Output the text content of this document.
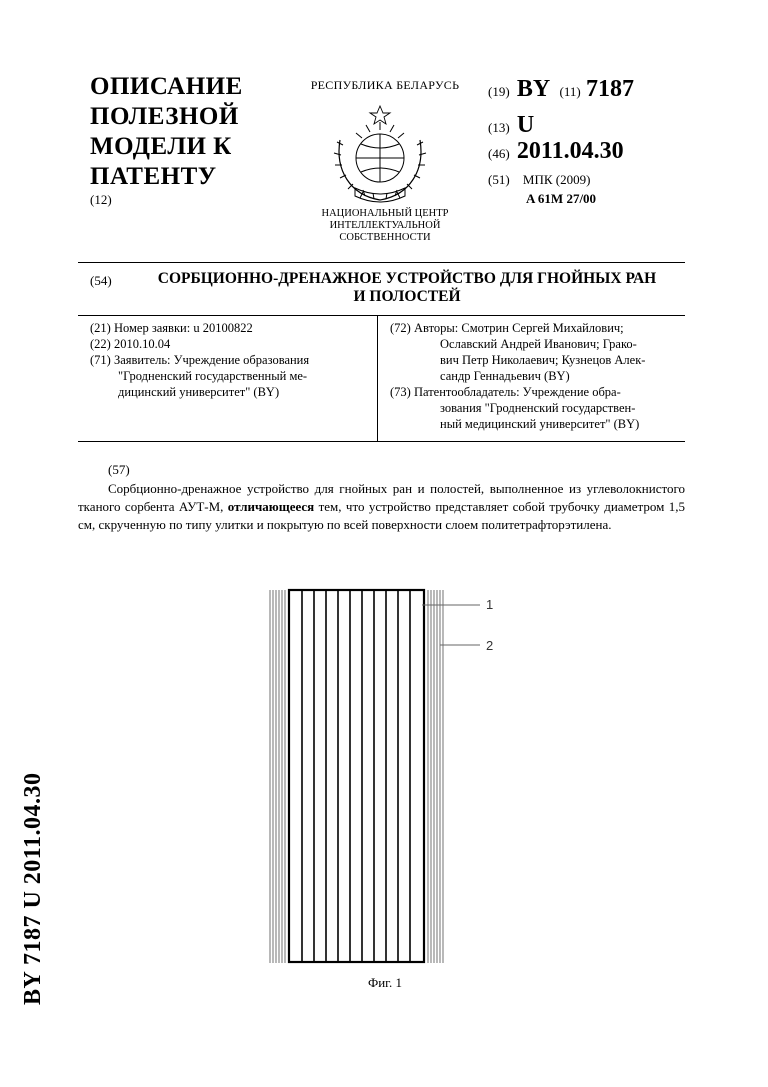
ОПИСАНИЕ
ПОЛЕЗНОЙ
МОДЕЛИ К
ПАТЕНТУ
(12)
РЕСПУБЛИКА БЕЛАРУСЬ
НАЦИОНАЛЬНЫЙ ЦЕНТР
ИНТЕЛЛЕКТУАЛЬНОЙ
СОБСТВЕННОСТИ
(19) BY (11) 7187
(13) U
(46) 2011.04.30
(51) МПК (2009)
A 61M 27/00
(54)	СОРБЦИОННО-ДРЕНАЖНОЕ УСТРОЙСТВО ДЛЯ ГНОЙНЫХ РАН
И ПОЛОСТЕЙ
(21) Номер заявки: u 20100822
(22) 2010.10.04
(71) Заявитель: Учреждение образования
"Гродненский государственный ме-
дицинский университет" (BY)
(72) Авторы: Смотрин Сергей Михайлович;
Ославский Андрей Иванович; Грако-
вич Петр Николаевич; Кузнецов Алек-
сандр Геннадьевич (BY)
(73) Патентообладатель: Учреждение обра-
зования "Гродненский государствен-
ный медицинский университет" (BY)
(57)
Сорбционно-дренажное устройство для гнойных ран и полостей, выполненное из углеволокнистого тканого сорбента АУТ-М, отличающееся тем, что устройство представляет собой трубочку диаметром 1,5 см, скрученную по типу улитки и покрытую по всей поверхности слоем политетрафторэтилена.
1
2
Фиг. 1
BY 7187 U 2011.04.30
